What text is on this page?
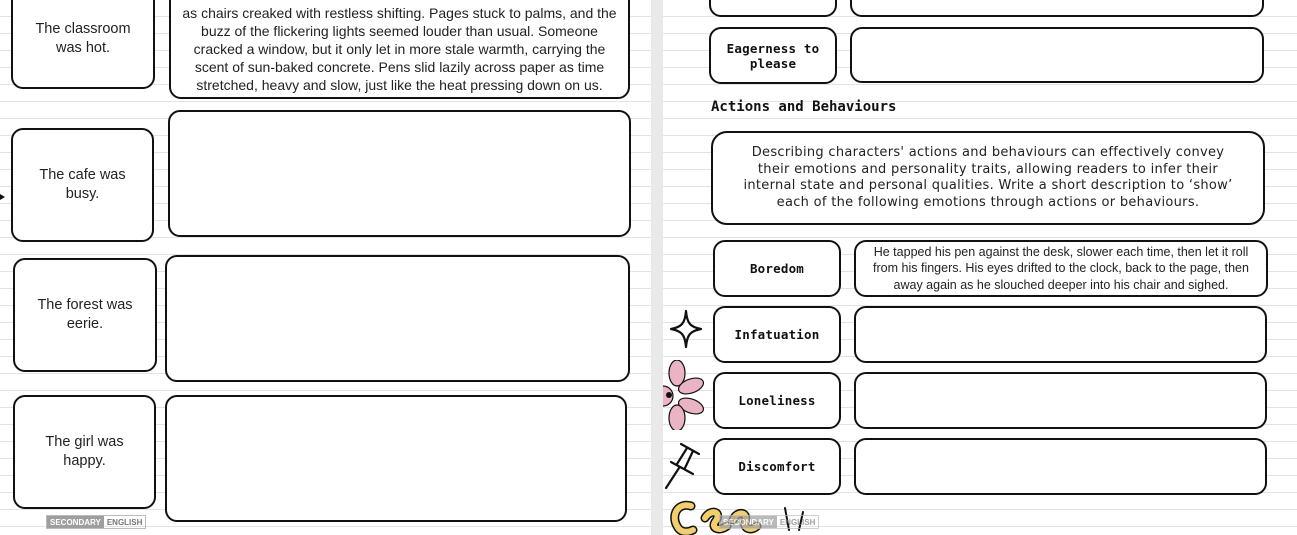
The classroom was hot.
as chairs creaked with restless shifting. Pages stuck to palms, and the buzz of the flickering lights seemed louder than usual. Someone cracked a window, but it only let in more stale warmth, carrying the scent of sun-baked concrete. Pens slid lazily across paper as time stretched, heavy and slow, just like the heat pressing down on us.
The cafe was busy.
The forest was eerie.
The girl was happy.
SECONDARY ENGLISH
Eagerness to please
Actions and Behaviours
Describing characters' actions and behaviours can effectively convey their emotions and personality traits, allowing readers to infer their internal state and personal qualities. Write a short description to ‘show’ each of the following emotions through actions or behaviours.
Boredom
He tapped his pen against the desk, slower each time, then let it roll from his fingers. His eyes drifted to the clock, back to the page, then away again as he slouched deeper into his chair and sighed.
Infatuation
Loneliness
Discomfort
SECONDARY ENGLISH
